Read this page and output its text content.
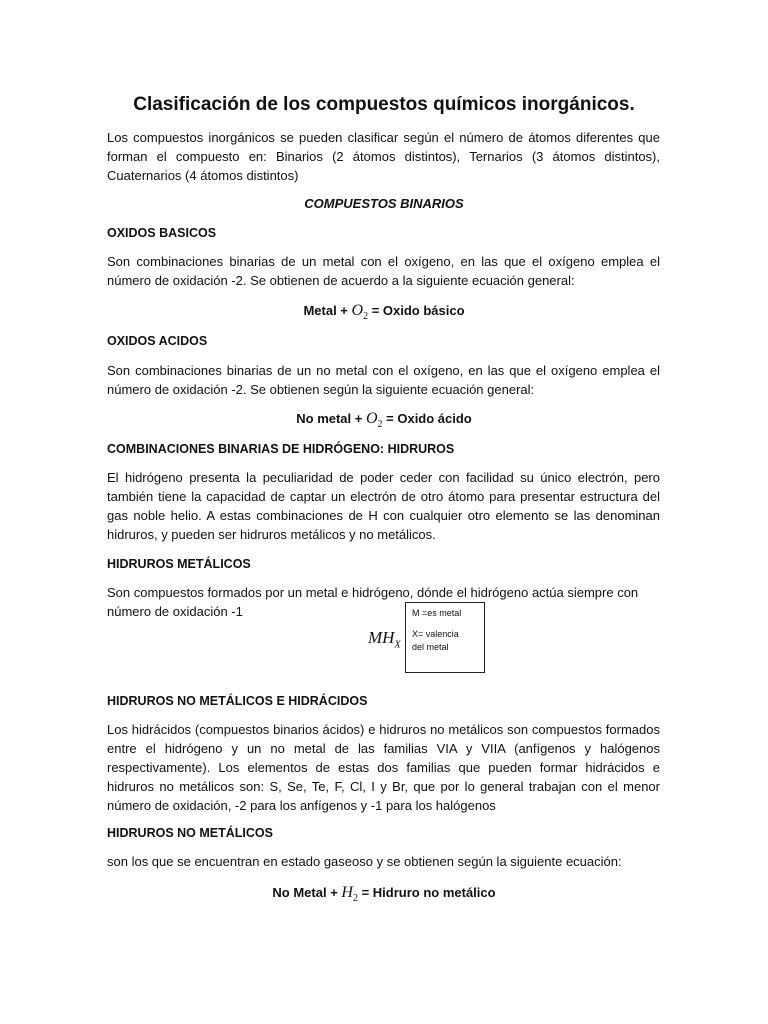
Clasificación de los compuestos químicos inorgánicos.
Los compuestos inorgánicos se pueden clasificar según el número de átomos diferentes que forman el compuesto en: Binarios (2 átomos distintos), Ternarios (3 átomos distintos), Cuaternarios (4 átomos distintos)
COMPUESTOS BINARIOS
OXIDOS BASICOS
Son combinaciones binarias de un metal con el oxígeno, en las que el oxígeno emplea el número de oxidación -2. Se obtienen de acuerdo a la siguiente ecuación general:
Metal + $O_2$ = Oxido básico
OXIDOS ACIDOS
Son combinaciones binarias de un no metal con el oxígeno, en las que el oxígeno emplea el número de oxidación -2. Se obtienen según la siguiente ecuación general:
No metal + $O_2$ = Oxido ácido
COMBINACIONES BINARIAS DE HIDRÓGENO: HIDRUROS
El hidrógeno presenta la peculiaridad de poder ceder con facilidad su único electrón, pero también tiene la capacidad de captar un electrón de otro átomo para presentar estructura del gas noble helio. A estas combinaciones de H con cualquier otro elemento se las denominan hidruros, y pueden ser hidruros metálicos y no metálicos.
HIDRUROS METÁLICOS
Son compuestos formados por un metal e hidrógeno, dónde el hidrógeno actúa siempre con
número de oxidación -1
$MH_X$
M =es metal
X= valencia
del metal
HIDRUROS NO METÁLICOS E HIDRÁCIDOS
Los hidrácidos (compuestos binarios ácidos) e hidruros no metálicos son compuestos formados entre el hidrógeno y un no metal de las familias VIA y VIIA (anfígenos y halógenos respectivamente). Los elementos de estas dos familias que pueden formar hidrácidos e hidruros no metálicos son: S, Se, Te, F, Cl, I y Br, que por lo general trabajan con el menor número de oxidación, -2 para los anfígenos y -1 para los halógenos
HIDRUROS NO METÁLICOS
son los que se encuentran en estado gaseoso y se obtienen según la siguiente ecuación:
No Metal + $H_2$ = Hidruro no metálico
